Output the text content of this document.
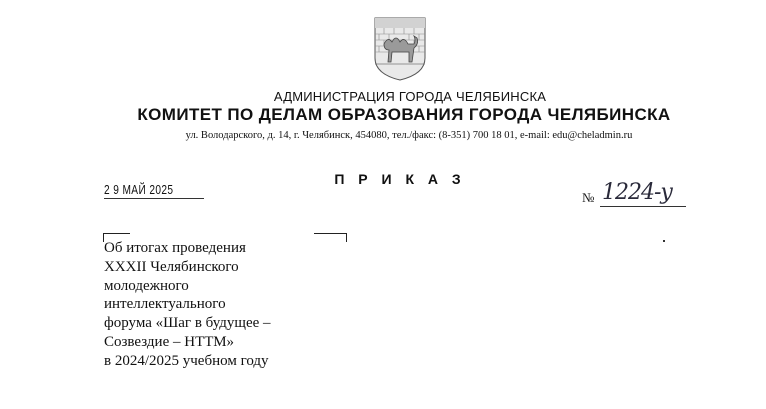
АДМИНИСТРАЦИЯ ГОРОДА ЧЕЛЯБИНСКА
КОМИТЕТ ПО ДЕЛАМ ОБРАЗОВАНИЯ ГОРОДА ЧЕЛЯБИНСКА
ул. Володарского, д. 14, г. Челябинск, 454080, тел./факс: (8-351) 700 18 01, e-mail: edu@cheladmin.ru
П Р И К А З
2 9 МАЙ 2025
№ 1224-у
Об итогах проведения
XXXII Челябинского
молодежного
интеллектуального
форума «Шаг в будущее –
Созвездие – НТТМ»
в 2024/2025 учебном году
